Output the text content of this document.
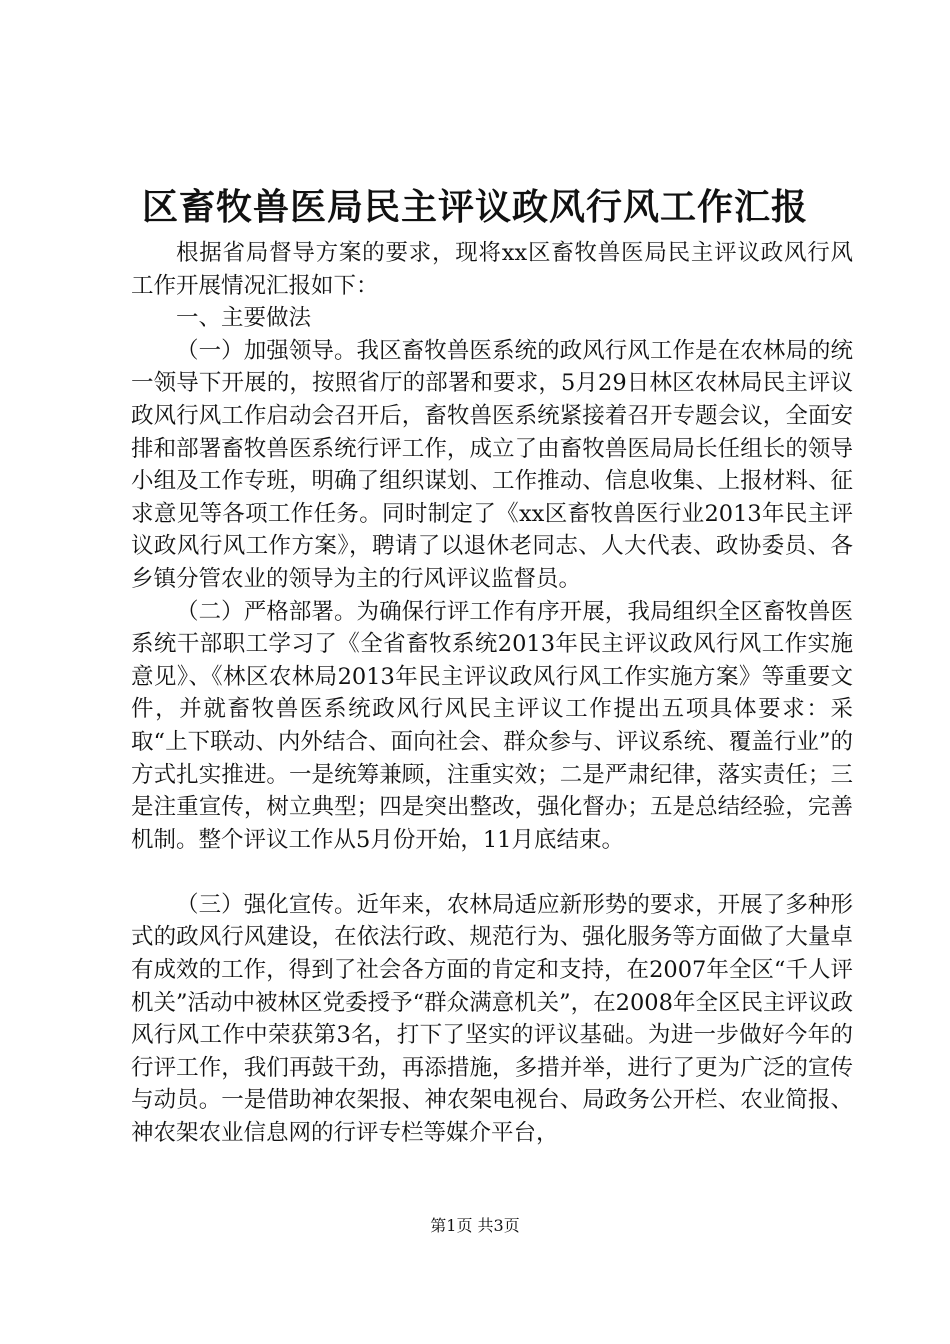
区畜牧兽医局民主评议政风行风工作汇报

根据省局督导方案的要求，现将xx区畜牧兽医局民主评议政风行风工作开展情况汇报如下：

一、主要做法

（一）加强领导。我区畜牧兽医系统的政风行风工作是在农林局的统一领导下开展的，按照省厅的部署和要求，5月29日林区农林局民主评议政风行风工作启动会召开后，畜牧兽医系统紧接着召开专题会议，全面安排和部署畜牧兽医系统行评工作，成立了由畜牧兽医局局长任组长的领导小组及工作专班，明确了组织谋划、工作推动、信息收集、上报材料、征求意见等各项工作任务。同时制定了《xx区畜牧兽医行业2013年民主评议政风行风工作方案》，聘请了以退休老同志、人大代表、政协委员、各乡镇分管农业的领导为主的行风评议监督员。

（二）严格部署。为确保行评工作有序开展，我局组织全区畜牧兽医系统干部职工学习了《全省畜牧系统2013年民主评议政风行风工作实施意见》、《林区农林局2013年民主评议政风行风工作实施方案》等重要文件，并就畜牧兽医系统政风行风民主评议工作提出五项具体要求：采取“上下联动、内外结合、面向社会、群众参与、评议系统、覆盖行业”的方式扎实推进。一是统筹兼顾，注重实效；二是严肃纪律，落实责任；三是注重宣传，树立典型；四是突出整改，强化督办；五是总结经验，完善机制。整个评议工作从5月份开始，11月底结束。

（三）强化宣传。近年来，农林局适应新形势的要求，开展了多种形式的政风行风建设，在依法行政、规范行为、强化服务等方面做了大量卓有成效的工作，得到了社会各方面的肯定和支持，在2007年全区“千人评机关”活动中被林区党委授予“群众满意机关”，在2008年全区民主评议政风行风工作中荣获第3名，打下了坚实的评议基础。为进一步做好今年的行评工作，我们再鼓干劲，再添措施，多措并举，进行了更为广泛的宣传与动员。一是借助神农架报、神农架电视台、局政务公开栏、农业简报、神农架农业信息网的行评专栏等媒介平台，

第1页 共3页
